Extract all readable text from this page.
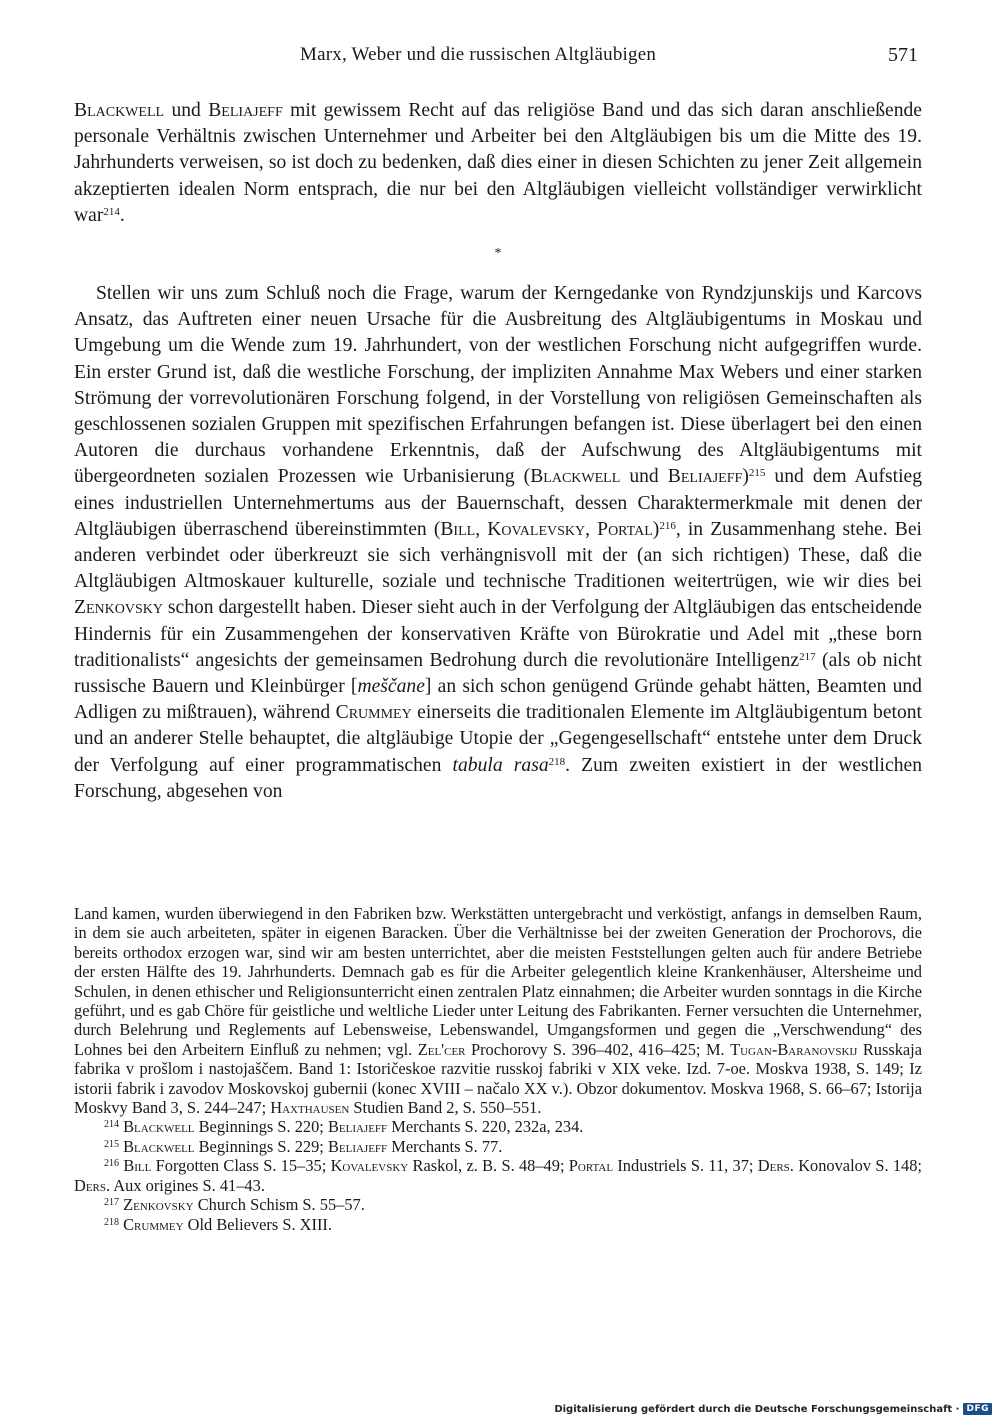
Marx, Weber und die russischen Altgläubigen	571

Blackwell und Beliajeff mit gewissem Recht auf das religiöse Band und das sich daran anschließende personale Verhältnis zwischen Unternehmer und Arbeiter bei den Altgläubigen bis um die Mitte des 19. Jahrhunderts verweisen, so ist doch zu bedenken, daß dies einer in diesen Schichten zu jener Zeit allgemein akzeptierten idealen Norm entsprach, die nur bei den Altgläubigen vielleicht vollständiger verwirklicht war$^{214}$.

*

Stellen wir uns zum Schluß noch die Frage, warum der Kerngedanke von Ryndzjunskijs und Karcovs Ansatz, das Auftreten einer neuen Ursache für die Ausbreitung des Altgläubigentums in Moskau und Umgebung um die Wende zum 19. Jahrhundert, von der westlichen Forschung nicht aufgegriffen wurde. Ein erster Grund ist, daß die westliche Forschung, der impliziten Annahme Max Webers und einer starken Strömung der vorrevolutionären Forschung folgend, in der Vorstellung von religiösen Gemeinschaften als geschlossenen sozialen Gruppen mit spezifischen Erfahrungen befangen ist. Diese überlagert bei den einen Autoren die durchaus vorhandene Erkenntnis, daß der Aufschwung des Altgläubigentums mit übergeordneten sozialen Prozessen wie Urbanisierung (Blackwell und Beliajeff)$^{215}$ und dem Aufstieg eines industriellen Unternehmertums aus der Bauernschaft, dessen Charaktermerkmale mit denen der Altgläubigen überraschend übereinstimmten (Bill, Kovalevsky, Portal)$^{216}$, in Zusammenhang stehe. Bei anderen verbindet oder überkreuzt sie sich verhängnisvoll mit der (an sich richtigen) These, daß die Altgläubigen Altmoskauer kulturelle, soziale und technische Traditionen weitertrügen, wie wir dies bei Zenkovsky schon dargestellt haben. Dieser sieht auch in der Verfolgung der Altgläubigen das entscheidende Hindernis für ein Zusammengehen der konservativen Kräfte von Bürokratie und Adel mit „these born traditionalists“ angesichts der gemeinsamen Bedrohung durch die revolutionäre Intelligenz$^{217}$ (als ob nicht russische Bauern und Kleinbürger [meščane] an sich schon genügend Gründe gehabt hätten, Beamten und Adligen zu mißtrauen), während Crummey einerseits die traditionalen Elemente im Altgläubigentum betont und an anderer Stelle behauptet, die altgläubige Utopie der „Gegengesellschaft“ entstehe unter dem Druck der Verfolgung auf einer programmatischen tabula rasa$^{218}$. Zum zweiten existiert in der westlichen Forschung, abgesehen von

Land kamen, wurden überwiegend in den Fabriken bzw. Werkstätten untergebracht und verköstigt, anfangs in demselben Raum, in dem sie auch arbeiteten, später in eigenen Baracken. Über die Verhältnisse bei der zweiten Generation der Prochorovs, die bereits orthodox erzogen war, sind wir am besten unterrichtet, aber die meisten Feststellungen gelten auch für andere Betriebe der ersten Hälfte des 19. Jahrhunderts. Demnach gab es für die Arbeiter gelegentlich kleine Krankenhäuser, Altersheime und Schulen, in denen ethischer und Religionsunterricht einen zentralen Platz einnahmen; die Arbeiter wurden sonntags in die Kirche geführt, und es gab Chöre für geistliche und weltliche Lieder unter Leitung des Fabrikanten. Ferner versuchten die Unternehmer, durch Belehrung und Reglements auf Lebensweise, Lebenswandel, Umgangsformen und gegen die „Verschwendung“ des Lohnes bei den Arbeitern Einfluß zu nehmen; vgl. Zel'cer Prochorovy S. 396–402, 416–425; M. Tugan-Baranovskij Russkaja fabrika v prošlom i nastojaščem. Band 1: Istoričeskoe razvitie russkoj fabriki v XIX veke. Izd. 7-oe. Moskva 1938, S. 149; Iz istorii fabrik i zavodov Moskovskoj gubernii (konec XVIII – načalo XX v.). Obzor dokumentov. Moskva 1968, S. 66–67; Istorija Moskvy Band 3, S. 244–247; Haxthausen Studien Band 2, S. 550–551.

$^{214}$ Blackwell Beginnings S. 220; Beliajeff Merchants S. 220, 232a, 234.

$^{215}$ Blackwell Beginnings S. 229; Beliajeff Merchants S. 77.

$^{216}$ Bill Forgotten Class S. 15–35; Kovalevsky Raskol, z. B. S. 48–49; Portal Industriels S. 11, 37; Ders. Konovalov S. 148; Ders. Aux origines S. 41–43.

$^{217}$ Zenkovsky Church Schism S. 55–57.

$^{218}$ Crummey Old Believers S. XIII.

Digitalisierung gefördert durch die Deutsche Forschungsgemeinschaft · DFG
